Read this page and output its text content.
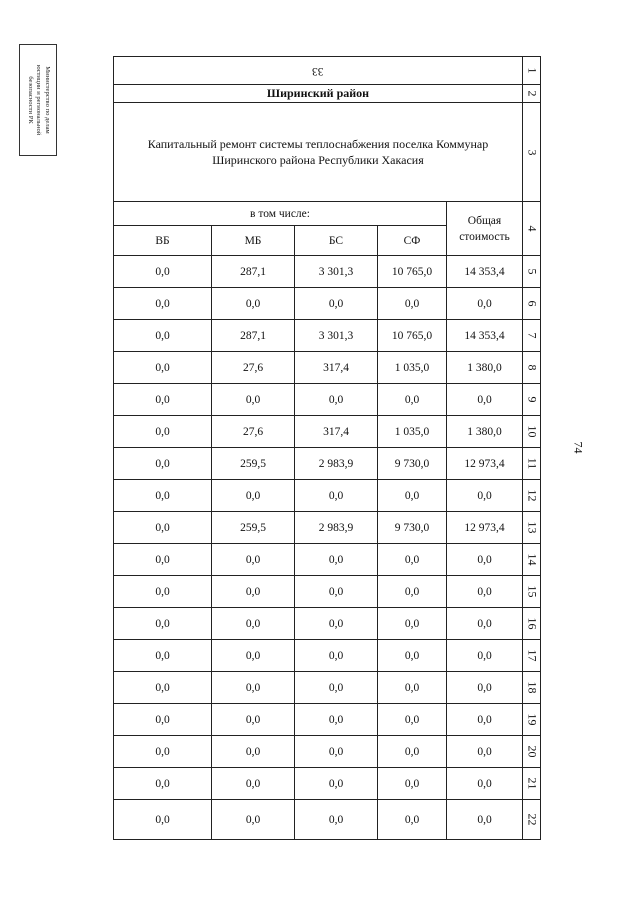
Министерство по делам
юстиции и региональной
безопасности РК
74
33					1
Ширинский район					2
Капитальный ремонт системы теплоснабжения поселка Коммунар Ширинского района Республики Хакасия					3
в том числе:				Общая стоимость	4
ВБ	МБ	БС	СФ		
0,0	287,1	3 301,3	10 765,0	14 353,4	5
0,0	0,0	0,0	0,0	0,0	6
0,0	287,1	3 301,3	10 765,0	14 353,4	7
0,0	27,6	317,4	1 035,0	1 380,0	8
0,0	0,0	0,0	0,0	0,0	9
0,0	27,6	317,4	1 035,0	1 380,0	10
0,0	259,5	2 983,9	9 730,0	12 973,4	11
0,0	0,0	0,0	0,0	0,0	12
0,0	259,5	2 983,9	9 730,0	12 973,4	13
0,0	0,0	0,0	0,0	0,0	14
0,0	0,0	0,0	0,0	0,0	15
0,0	0,0	0,0	0,0	0,0	16
0,0	0,0	0,0	0,0	0,0	17
0,0	0,0	0,0	0,0	0,0	18
0,0	0,0	0,0	0,0	0,0	19
0,0	0,0	0,0	0,0	0,0	20
0,0	0,0	0,0	0,0	0,0	21
0,0	0,0	0,0	0,0	0,0	22
